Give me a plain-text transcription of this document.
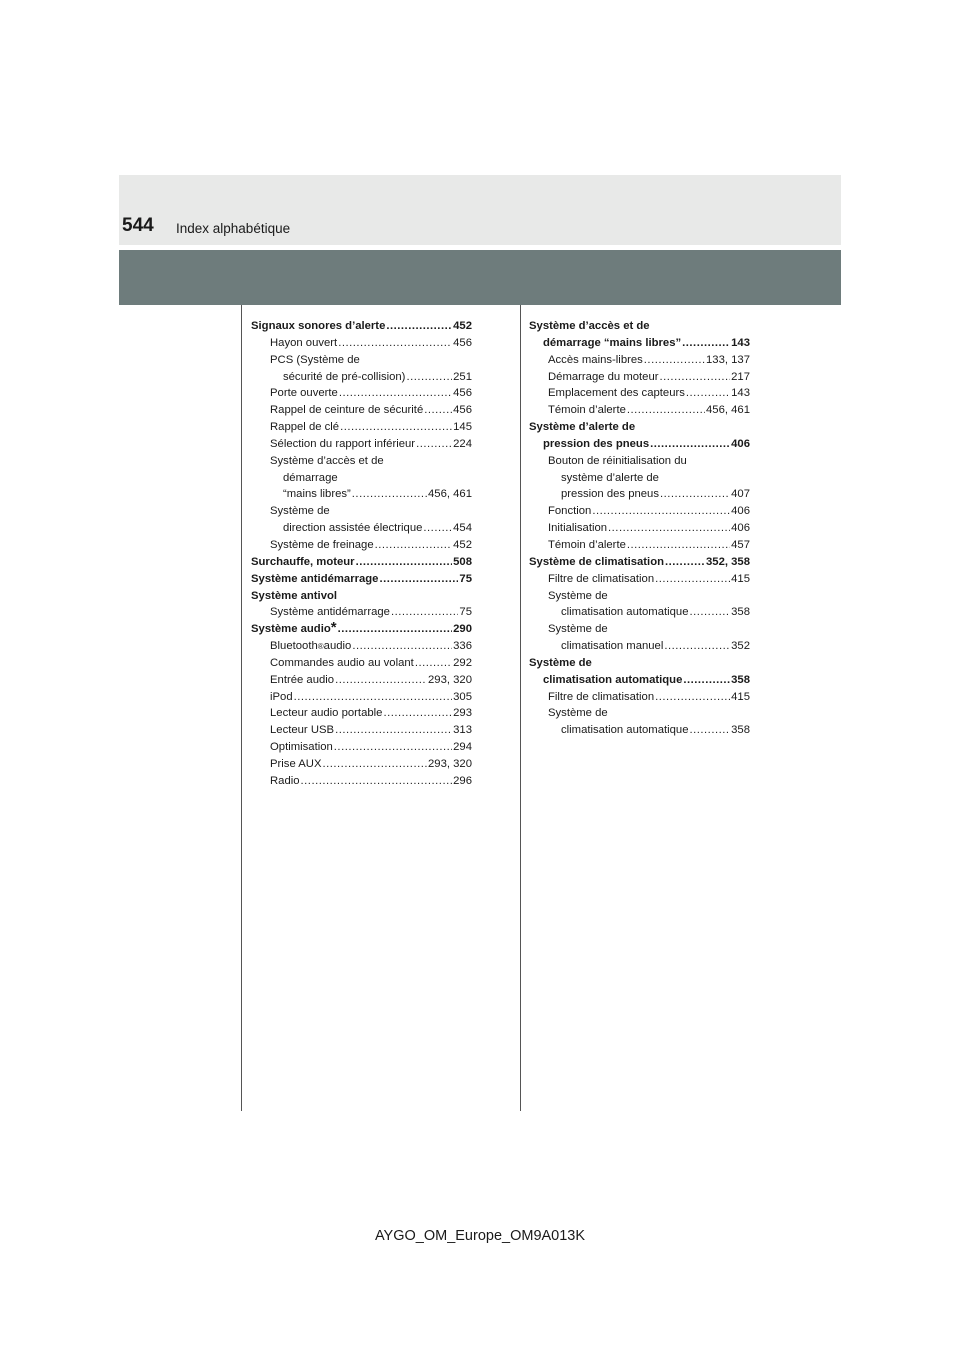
544 Index alphabétique
Signaux sonores d’alerte .....	452
Hayon ouvert .....	456
PCS (Système de
sécurité de pré-collision) .....	251
Porte ouverte .....	456
Rappel de ceinture de sécurité .....	456
Rappel de clé .....	145
Sélection du rapport inférieur .....	224
Système d’accès et de
démarrage
“mains libres” .....	456, 461
Système de
direction assistée électrique .....	454
Système de freinage .....	452
Surchauffe, moteur .....	508
Système antidémarrage .....	75
Système antivol
Système antidémarrage .....	75
Système audio * .....	290
Bluetooth ® audio .....	336
Commandes audio au volant .....	292
Entrée audio .....	293, 320
iPod .....	305
Lecteur audio portable .....	293
Lecteur USB .....	313
Optimisation .....	294
Prise AUX .....	293, 320
Radio .....	296
Système d’accès et de
démarrage “mains libres” .....	143
Accès mains-libres .....	133, 137
Démarrage du moteur .....	217
Emplacement des capteurs .....	143
Témoin d’alerte .....	456, 461
Système d’alerte de
pression des pneus .....	406
Bouton de réinitialisation du
système d’alerte de
pression des pneus .....	407
Fonction .....	406
Initialisation .....	406
Témoin d’alerte .....	457
Système de climatisation .....	352, 358
Filtre de climatisation .....	415
Système de
climatisation automatique .....	358
Système de
climatisation manuel .....	352
Système de
climatisation automatique .....	358
Filtre de climatisation .....	415
Système de
climatisation automatique .....	358
AYGO_OM_Europe_OM9A013K
